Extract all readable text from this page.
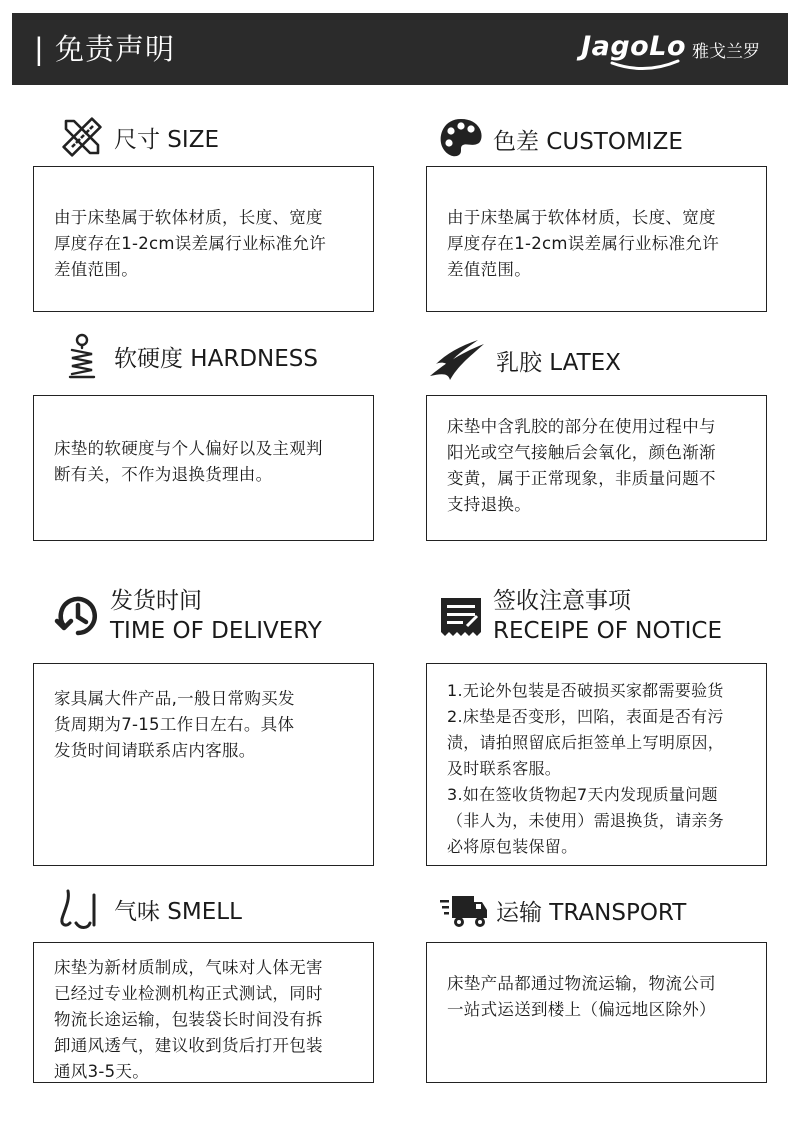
| 免责声明	JagoLo 雅戈兰罗
尺寸 SIZE
由于床垫属于软体材质，长度、宽度
厚度存在1-2cm误差属行业标准允许
差值范围。
色差 CUSTOMIZE
由于床垫属于软体材质，长度、宽度
厚度存在1-2cm误差属行业标准允许
差值范围。
软硬度 HARDNESS
床垫的软硬度与个人偏好以及主观判
断有关，不作为退换货理由。
乳胶 LATEX
床垫中含乳胶的部分在使用过程中与
阳光或空气接触后会氧化，颜色渐渐
变黄，属于正常现象，非质量问题不
支持退换。
发货时间
TIME OF DELIVERY
家具属大件产品,一般日常购买发
货周期为7-15工作日左右。具体
发货时间请联系店内客服。
签收注意事项
RECEIPE OF NOTICE
1.无论外包装是否破损买家都需要验货
2.床垫是否变形，凹陷，表面是否有污
渍，请拍照留底后拒签单上写明原因，
及时联系客服。
3.如在签收货物起7天内发现质量问题
（非人为，未使用）需退换货，请亲务
必将原包装保留。
气味 SMELL
床垫为新材质制成，气味对人体无害
已经过专业检测机构正式测试，同时
物流长途运输，包装袋长时间没有拆
卸通风透气，建议收到货后打开包装
通风3-5天。
运输 TRANSPORT
床垫产品都通过物流运输，物流公司
一站式运送到楼上（偏远地区除外）
